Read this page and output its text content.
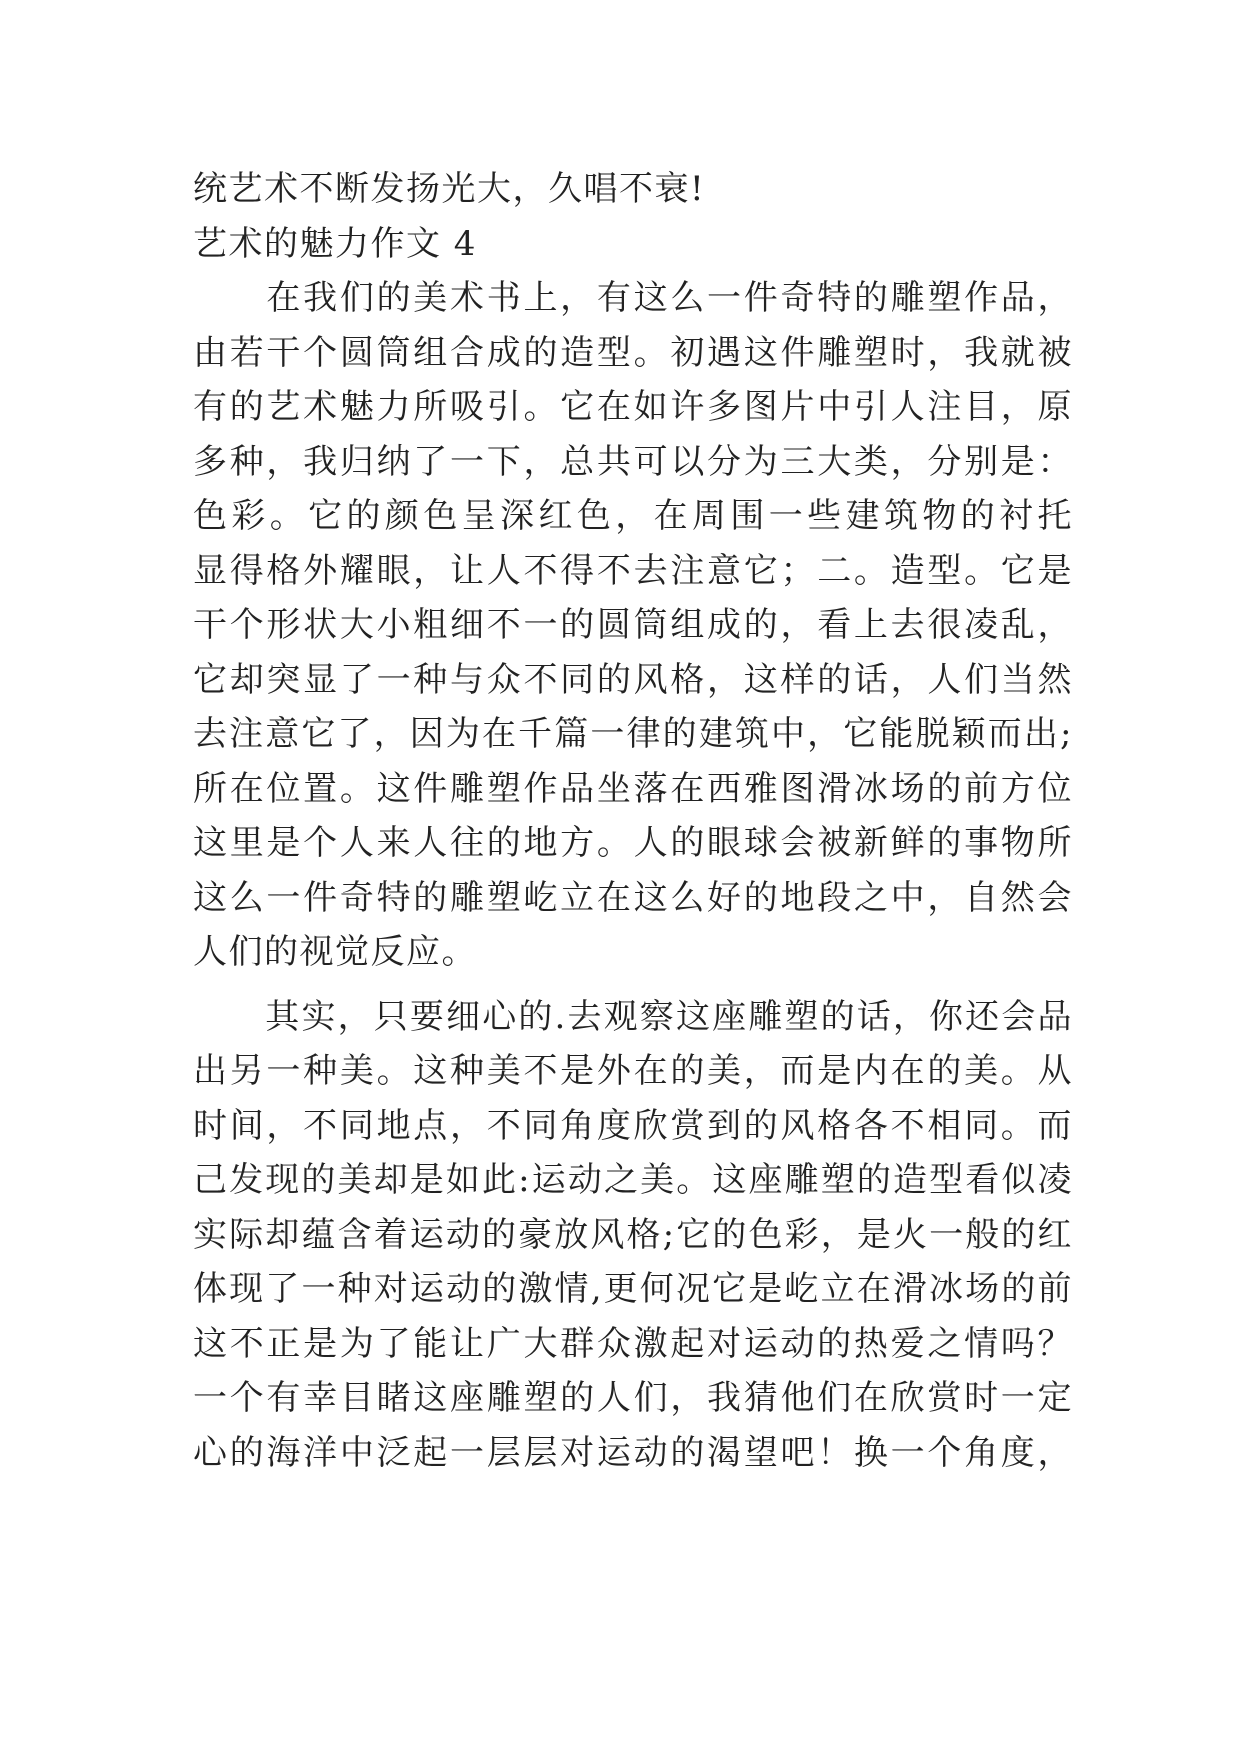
统艺术不断发扬光大，久唱不衰!
艺术的魅力作文 4
　　在我们的美术书上，有这么一件奇特的雕塑作品，
由若干个圆筒组合成的造型。初遇这件雕塑时，我就被
有的艺术魅力所吸引。它在如许多图片中引人注目，原
多种，我归纳了一下，总共可以分为三大类，分别是：
色彩。它的颜色呈深红色，在周围一些建筑物的衬托
显得格外耀眼，让人不得不去注意它；二。造型。它是
干个形状大小粗细不一的圆筒组成的，看上去很凌乱，
它却突显了一种与众不同的风格，这样的话，人们当然
去注意它了，因为在千篇一律的建筑中，它能脱颖而出;
所在位置。这件雕塑作品坐落在西雅图滑冰场的前方位
这里是个人来人往的地方。人的眼球会被新鲜的事物所
这么一件奇特的雕塑屹立在这么好的地段之中，自然会
人们的视觉反应。
　　其实，只要细心的.去观察这座雕塑的话，你还会品
出另一种美。这种美不是外在的美，而是内在的美。从
时间，不同地点，不同角度欣赏到的风格各不相同。而
己发现的美却是如此:运动之美。这座雕塑的造型看似凌
实际却蕴含着运动的豪放风格;它的色彩，是火一般的红
体现了一种对运动的激情,更何况它是屹立在滑冰场的前
这不正是为了能让广大群众激起对运动的热爱之情吗？
一个有幸目睹这座雕塑的人们，我猜他们在欣赏时一定
心的海洋中泛起一层层对运动的渴望吧！换一个角度，
